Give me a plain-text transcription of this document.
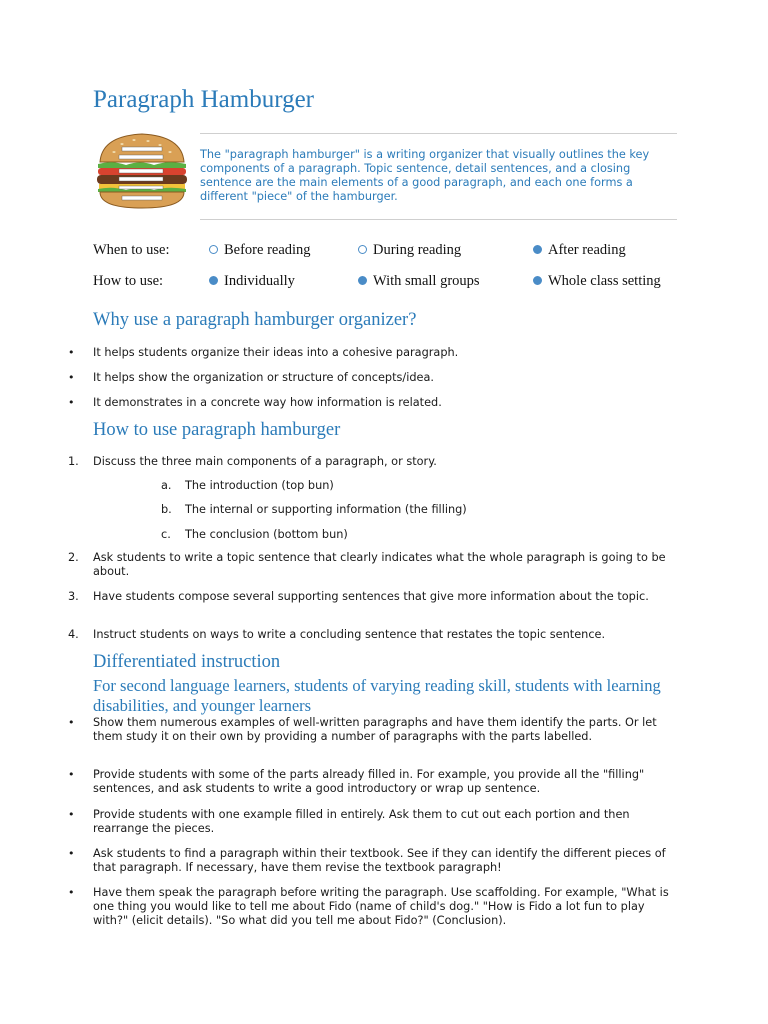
Paragraph Hamburger

The "paragraph hamburger" is a writing organizer that visually outlines the key components of a paragraph. Topic sentence, detail sentences, and a closing sentence are the main elements of a good paragraph, and each one forms a different "piece" of the hamburger.

When to use:	Before reading	During reading	After reading
How to use:	Individually	With small groups	Whole class setting
Why use a paragraph hamburger organizer?
• It helps students organize their ideas into a cohesive paragraph.
• It helps show the organization or structure of concepts/idea.
• It demonstrates in a concrete way how information is related.
How to use paragraph hamburger
1. Discuss the three main components of a paragraph, or story.
a. The introduction (top bun)
b. The internal or supporting information (the filling)
c. The conclusion (bottom bun)
2. Ask students to write a topic sentence that clearly indicates what the whole paragraph is going to be about.
3. Have students compose several supporting sentences that give more information about the topic.
4. Instruct students on ways to write a concluding sentence that restates the topic sentence.
Differentiated instruction
For second language learners, students of varying reading skill, students with learning disabilities, and younger learners
• Show them numerous examples of well-written paragraphs and have them identify the parts. Or let them study it on their own by providing a number of paragraphs with the parts labelled.
• Provide students with some of the parts already filled in. For example, you provide all the "filling" sentences, and ask students to write a good introductory or wrap up sentence.
• Provide students with one example filled in entirely. Ask them to cut out each portion and then rearrange the pieces.
• Ask students to find a paragraph within their textbook. See if they can identify the different pieces of that paragraph. If necessary, have them revise the textbook paragraph!
• Have them speak the paragraph before writing the paragraph. Use scaffolding. For example, "What is one thing you would like to tell me about Fido (name of child's dog." "How is Fido a lot fun to play with?" (elicit details). "So what did you tell me about Fido?" (Conclusion).
